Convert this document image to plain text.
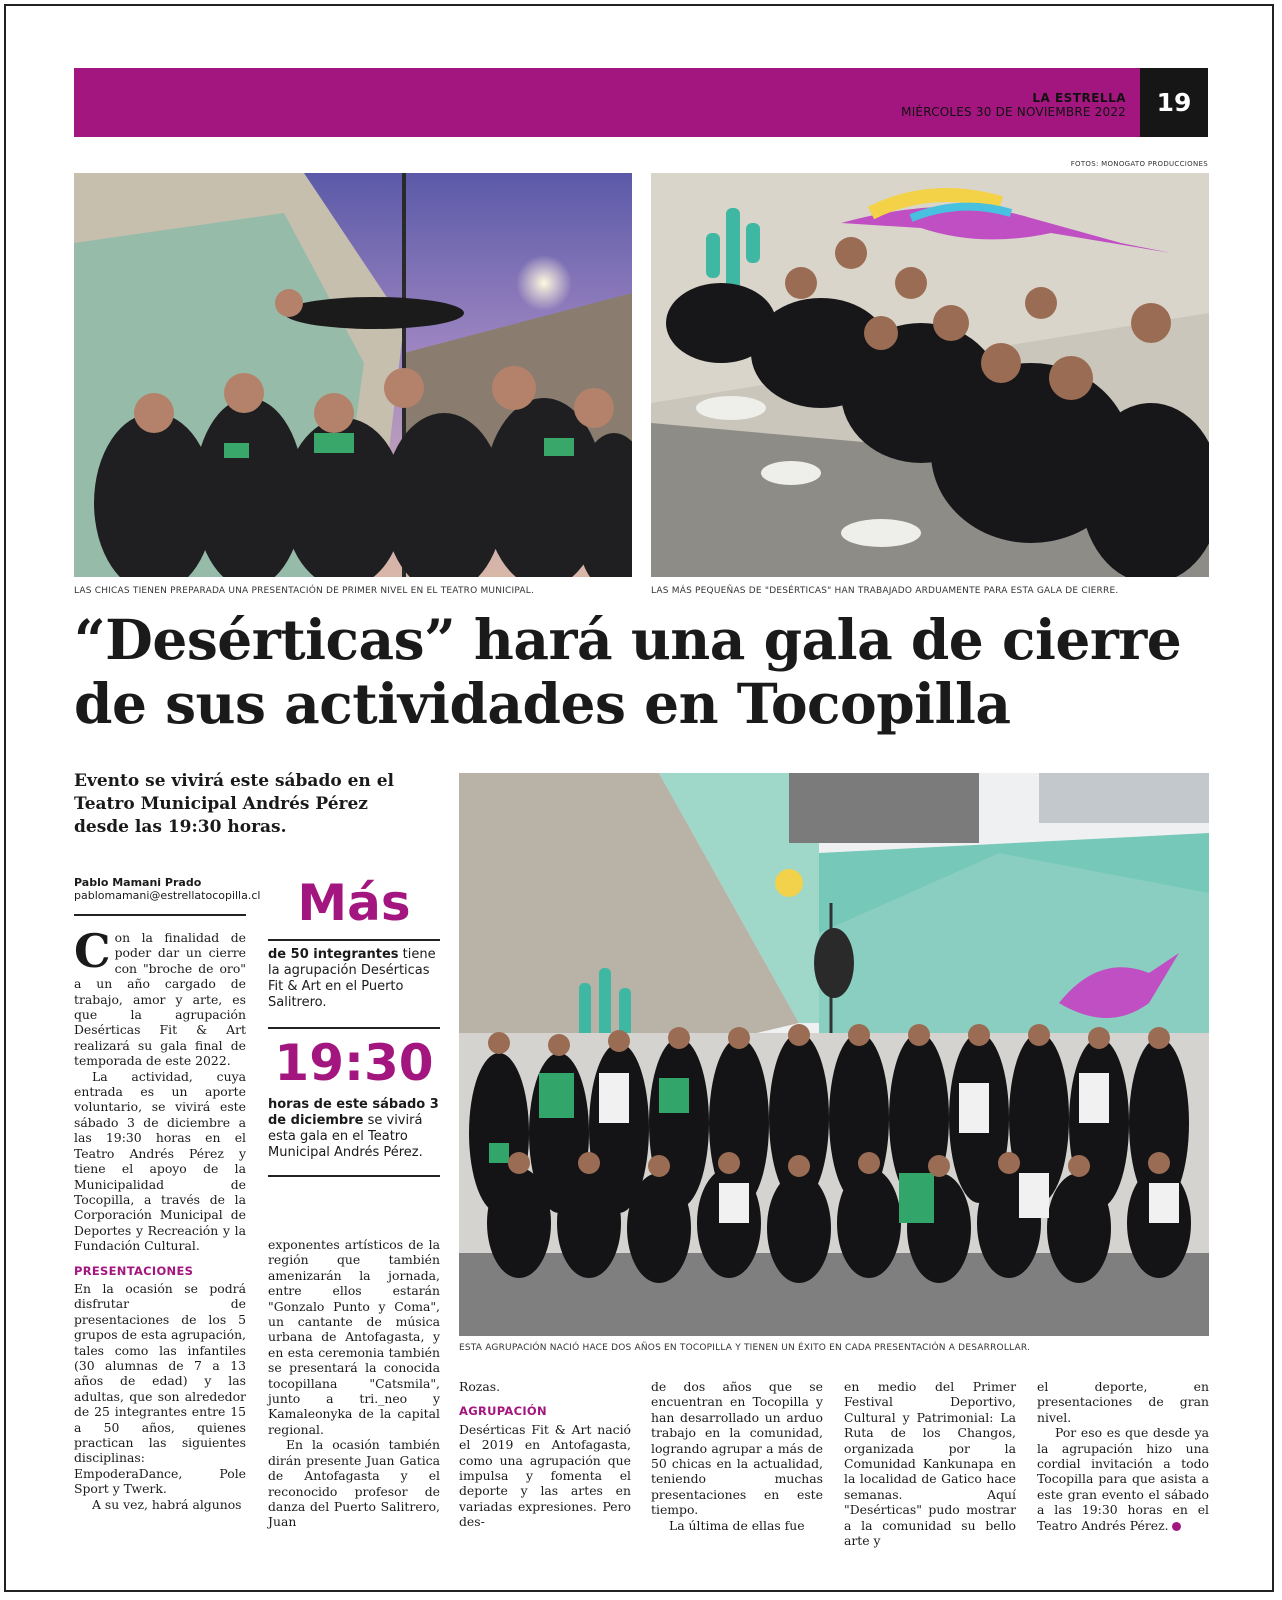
LA ESTRELLA
MIÉRCOLES 30 DE NOVIEMBRE 2022	19
FOTOS: MONOGATO PRODUCCIONES
LAS CHICAS TIENEN PREPARADA UNA PRESENTACIÓN DE PRIMER NIVEL EN EL TEATRO MUNICIPAL.	LAS MÁS PEQUEÑAS DE "DESÉRTICAS" HAN TRABAJADO ARDUAMENTE PARA ESTA GALA DE CIERRE.
“Desérticas” hará una gala de cierre
de sus actividades en Tocopilla
Evento se vivirá este sábado en el Teatro Municipal Andrés Pérez desde las 19:30 horas.
ESTA AGRUPACIÓN NACIÓ HACE DOS AÑOS EN TOCOPILLA Y TIENEN UN ÉXITO EN CADA PRESENTACIÓN A DESARROLLAR.
Pablo Mamani Prado
pablomamani@estrellatocopilla.cl

Con la finalidad de poder dar un cierre con "broche de oro" a un año cargado de trabajo, amor y arte, es que la agrupación Desérticas Fit & Art realizará su gala final de temporada de este 2022.

La actividad, cuya entrada es un aporte voluntario, se vivirá este sábado 3 de diciembre a las 19:30 horas en el Teatro Andrés Pérez y tiene el apoyo de la Municipalidad de Tocopilla, a través de la Corporación Municipal de Deportes y Recreación y la Fundación Cultural.

PRESENTACIONES

En la ocasión se podrá disfrutar de presentaciones de los 5 grupos de esta agrupación, tales como las infantiles (30 alumnas de 7 a 13 años de edad) y las adultas, que son alrededor de 25 integrantes entre 15 a 50 años, quienes practican las siguientes disciplinas: EmpoderaDance, Pole Sport y Twerk.

A su vez, habrá algunos

Más
de 50 integrantes tiene la agrupación Desérticas Fit & Art en el Puerto Salitrero.
19:30
horas de este sábado 3 de diciembre se vivirá esta gala en el Teatro Municipal Andrés Pérez.

exponentes artísticos de la región que también amenizarán la jornada, entre ellos estarán "Gonzalo Punto y Coma", un cantante de música urbana de Antofagasta, y en esta ceremonia también se presentará la conocida tocopillana "Catsmila", junto a tri._neo y Kamaleonyka de la capital regional.

En la ocasión también dirán presente Juan Gatica de Antofagasta y el reconocido profesor de danza del Puerto Salitrero, Juan

Rozas.

AGRUPACIÓN

Desérticas Fit & Art nació el 2019 en Antofagasta, como una agrupación que impulsa y fomenta el deporte y las artes en variadas expresiones. Pero des-

de dos años que se encuentran en Tocopilla y han desarrollado un arduo trabajo en la comunidad, logrando agrupar a más de 50 chicas en la actualidad, teniendo muchas presentaciones en este tiempo.

La última de ellas fue

en medio del Primer Festival Deportivo, Cultural y Patrimonial: La Ruta de los Changos, organizada por la Comunidad Kankunapa en la localidad de Gatico hace semanas. Aquí "Desérticas" pudo mostrar a la comunidad su bello arte y

el deporte, en presentaciones de gran nivel.

Por eso es que desde ya la agrupación hizo una cordial invitación a todo Tocopilla para que asista a este gran evento el sábado a las 19:30 horas en el Teatro Andrés Pérez.
